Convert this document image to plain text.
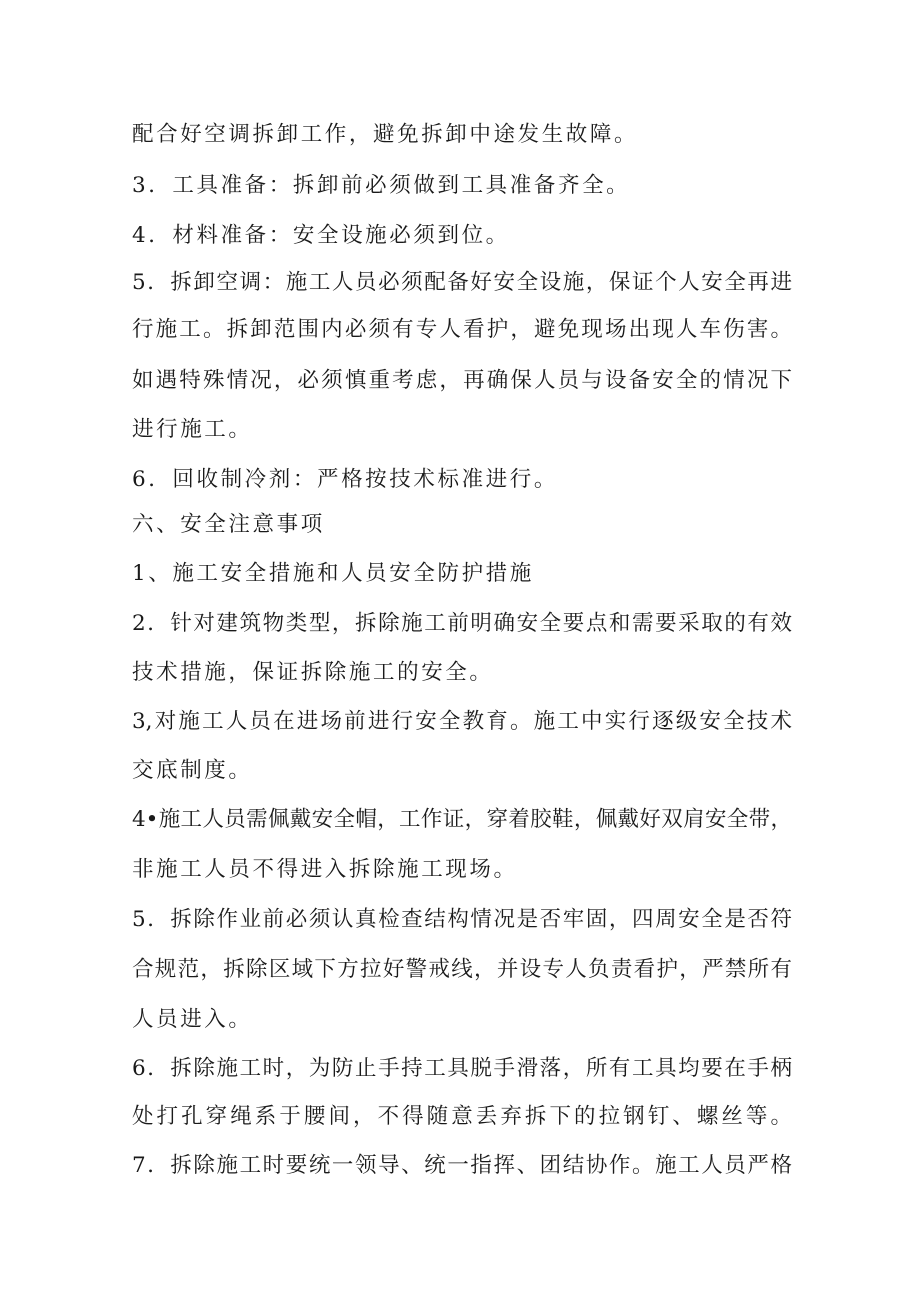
配合好空调拆卸工作，避免拆卸中途发生故障。
3．工具准备：拆卸前必须做到工具准备齐全。
4．材料准备：安全设施必须到位。
5．拆卸空调：施工人员必须配备好安全设施，保证个人安全再进
行施工。拆卸范围内必须有专人看护，避免现场出现人车伤害。
如遇特殊情况，必须慎重考虑，再确保人员与设备安全的情况下
进行施工。
6．回收制冷剂：严格按技术标准进行。
六、安全注意事项
1、施工安全措施和人员安全防护措施
2．针对建筑物类型，拆除施工前明确安全要点和需要采取的有效
技术措施，保证拆除施工的安全。
3,对施工人员在进场前进行安全教育。施工中实行逐级安全技术
交底制度。
4•施工人员需佩戴安全帽，工作证，穿着胶鞋，佩戴好双肩安全带，
非施工人员不得进入拆除施工现场。
5．拆除作业前必须认真检查结构情况是否牢固，四周安全是否符
合规范，拆除区域下方拉好警戒线，并设专人负责看护，严禁所有
人员进入。
6．拆除施工时，为防止手持工具脱手滑落，所有工具均要在手柄
处打孔穿绳系于腰间，不得随意丢弃拆下的拉钢钉、螺丝等。
7．拆除施工时要统一领导、统一指挥、团结协作。施工人员严格
